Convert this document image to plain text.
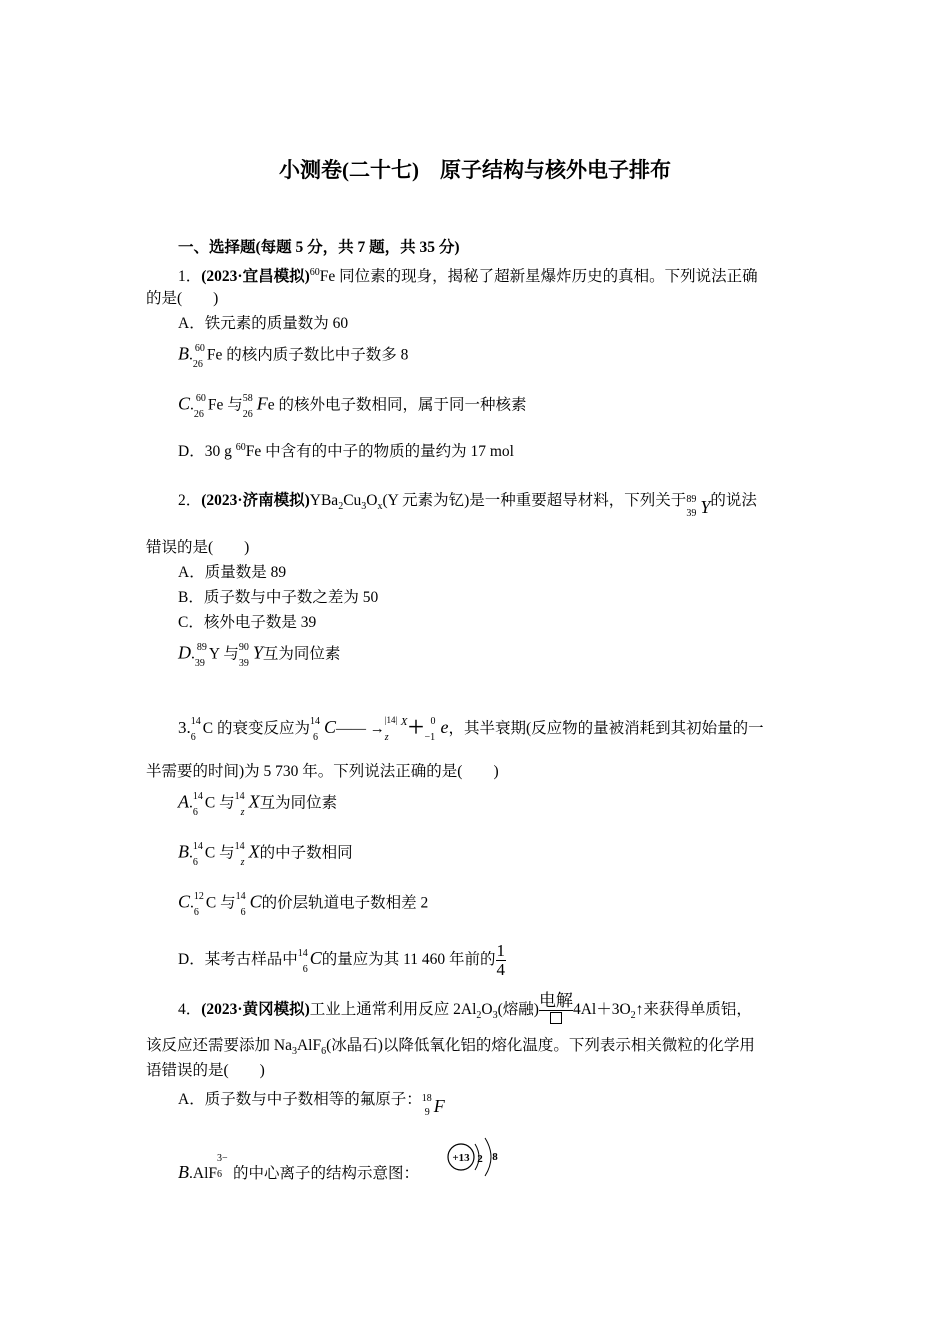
小测卷(二十七)　原子结构与核外电子排布
一、选择题(每题 5 分，共 7 题，共 35 分)
1．(2023·宜昌模拟)$^{60}$Fe 同位素的现身，揭秘了超新星爆炸历史的真相。下列说法正确
的是(　　)
A．铁元素的质量数为 60
B. 60
26
Fe 的核内质子数比中子数多 8
C. 60
26
Fe 与 58
26
Fe 的核外电子数相同，属于同一种核素
D．30 g $^{60}$Fe 中含有的中子的物质的量约为 17 mol
2．(2023·济南模拟)$YBa_2Cu_3O_x(Y$ 元素为钇)是一种重要超导材料，下列关于 89
39 Y的说法
错误的是(　　)
A．质量数是 89
B．质子数与中子数之差为 50
C．核外电子数是 39
D. 89
39
Y 与 90
39
Y互为同位素
3. 14
6
C 的衰变反应为 14
6
C—— →
|14|
z
$^X$＋ 0
−1
e，其半衰期(反应物的量被消耗到其初始量的一
半需要的时间)为 5 730 年。下列说法正确的是(　　)
A. 14
6
C 与 14
z
X互为同位素
B. 14
6
C 与 14
z
X的中子数相同
C. 12
6
C 与 14
6
C的价层轨道电子数相差 2
D．某考古样品中 14
6
C的量应为其 11 460 年前的 $\frac{1}{4}$
4．(2023·黄冈模拟)工业上通常利用反应 $2Al_2O_3$(熔融) 电解 $4Al+3O_2↑$来获得单质铝，
该反应还需要添加 $Na_3AlF_6$(冰晶石)以降低氧化铝的熔化温度。下列表示相关微粒的化学用
语错误的是(　　)
A．质子数与中子数相等的氟原子： 18
9 F
B.AlF
3−
6 的中心离子的结构示意图：
+13 2 8
